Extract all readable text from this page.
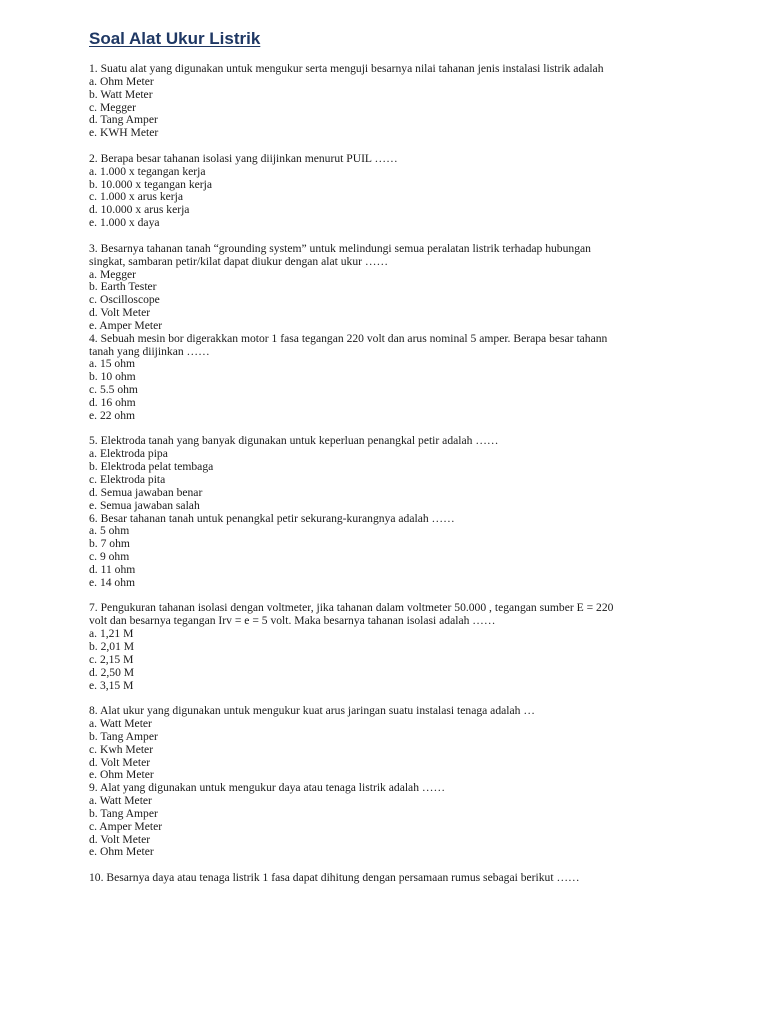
Soal Alat Ukur Listrik
1. Suatu alat yang digunakan untuk mengukur serta menguji besarnya nilai tahanan jenis instalasi listrik adalah
a. Ohm Meter
b. Watt Meter
c. Megger
d. Tang Amper
e. KWH Meter
2. Berapa besar tahanan isolasi yang diijinkan menurut PUIL ……
a. 1.000 x tegangan kerja
b. 10.000 x tegangan kerja
c. 1.000 x arus kerja
d. 10.000 x arus kerja
e. 1.000 x daya
3. Besarnya tahanan tanah “grounding system” untuk melindungi semua peralatan listrik terhadap hubungan
singkat, sambaran petir/kilat dapat diukur dengan alat ukur ……
a. Megger
b. Earth Tester
c. Oscilloscope
d. Volt Meter
e. Amper Meter
4. Sebuah mesin bor digerakkan motor 1 fasa tegangan 220 volt dan arus nominal 5 amper. Berapa besar tahann
tanah yang diijinkan ……
a. 15 ohm
b. 10 ohm
c. 5.5 ohm
d. 16 ohm
e. 22 ohm
5. Elektroda tanah yang banyak digunakan untuk keperluan penangkal petir adalah ……
a. Elektroda pipa
b. Elektroda pelat tembaga
c. Elektroda pita
d. Semua jawaban benar
e. Semua jawaban salah
6. Besar tahanan tanah untuk penangkal petir sekurang-kurangnya adalah ……
a. 5 ohm
b. 7 ohm
c. 9 ohm
d. 11 ohm
e. 14 ohm
7. Pengukuran tahanan isolasi dengan voltmeter, jika tahanan dalam voltmeter 50.000 , tegangan sumber E = 220
volt dan besarnya tegangan Irv = e = 5 volt. Maka besarnya tahanan isolasi adalah ……
a. 1,21 M
b. 2,01 M
c. 2,15 M
d. 2,50 M
e. 3,15 M
8. Alat ukur yang digunakan untuk mengukur kuat arus jaringan suatu instalasi tenaga adalah …
a. Watt Meter
b. Tang Amper
c. Kwh Meter
d. Volt Meter
e. Ohm Meter
9. Alat yang digunakan untuk mengukur daya atau tenaga listrik adalah ……
a. Watt Meter
b. Tang Amper
c. Amper Meter
d. Volt Meter
e. Ohm Meter
10. Besarnya daya atau tenaga listrik 1 fasa dapat dihitung dengan persamaan rumus sebagai berikut ……
